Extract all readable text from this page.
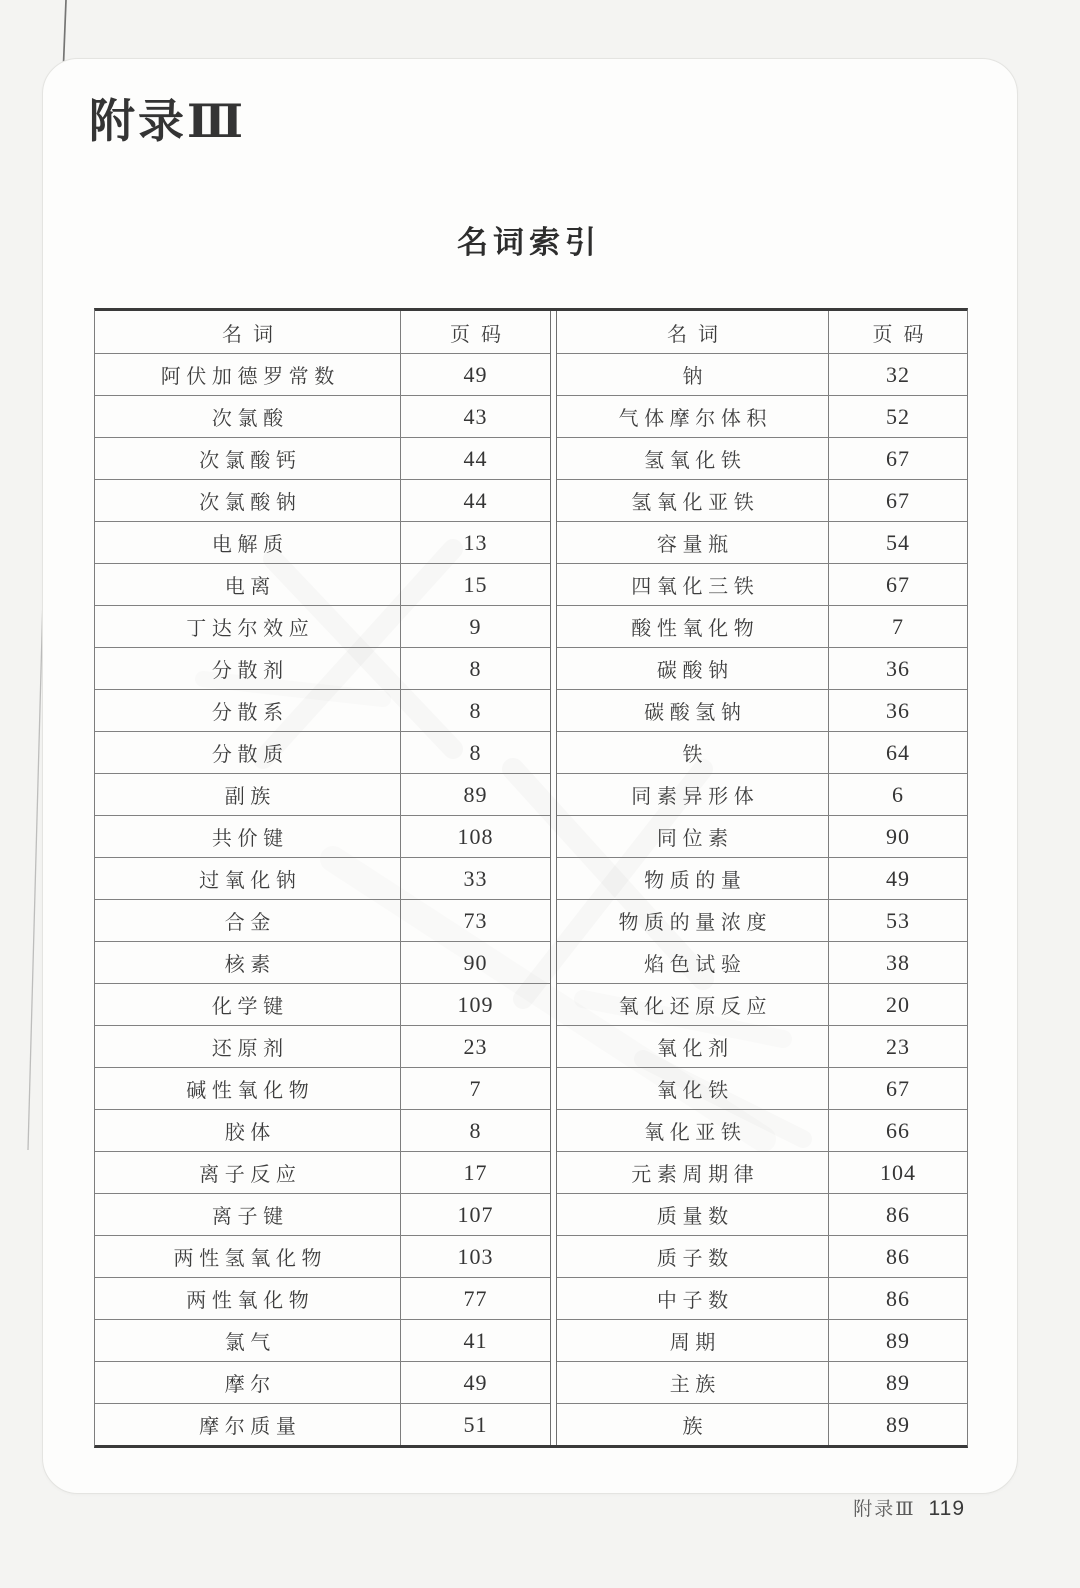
附录Ⅲ
名词索引
名词	页码
阿伏加德罗常数	49
次氯酸	43
次氯酸钙	44
次氯酸钠	44
电解质	13
电离	15
丁达尔效应	9
分散剂	8
分散系	8
分散质	8
副族	89
共价键	108
过氧化钠	33
合金	73
核素	90
化学键	109
还原剂	23
碱性氧化物	7
胶体	8
离子反应	17
离子键	107
两性氢氧化物	103
两性氧化物	77
氯气	41
摩尔	49
摩尔质量	51
名词	页码
钠	32
气体摩尔体积	52
氢氧化铁	67
氢氧化亚铁	67
容量瓶	54
四氧化三铁	67
酸性氧化物	7
碳酸钠	36
碳酸氢钠	36
铁	64
同素异形体	6
同位素	90
物质的量	49
物质的量浓度	53
焰色试验	38
氧化还原反应	20
氧化剂	23
氧化铁	67
氧化亚铁	66
元素周期律	104
质量数	86
质子数	86
中子数	86
周期	89
主族	89
族	89
附录Ⅲ 119
